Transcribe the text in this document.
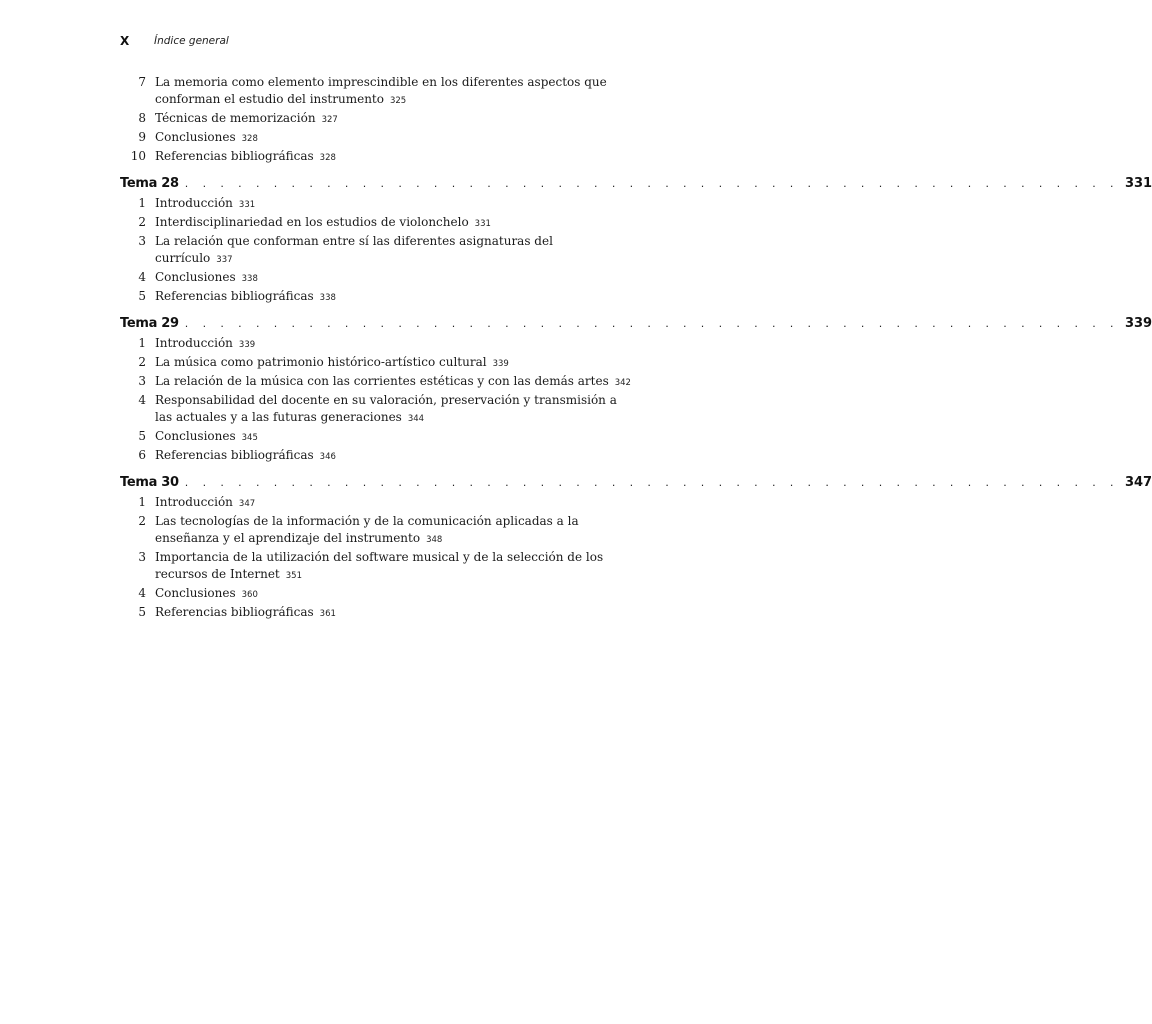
X	Índice general
7 La memoria como elemento imprescindible en los diferentes aspectos que conforman el estudio del instrumento 325
8 Técnicas de memorización 327
9 Conclusiones 328
10 Referencias bibliográficas 328
Tema 28 . . . . . . . . . . . . . . . . . . . . . . . . . . . . . . . . . . . . . . . . . . . . . . . . . . . . . 331
1 Introducción 331
2 Interdisciplinariedad en los estudios de violonchelo 331
3 La relación que conforman entre sí las diferentes asignaturas del currículo 337
4 Conclusiones 338
5 Referencias bibliográficas 338
Tema 29 . . . . . . . . . . . . . . . . . . . . . . . . . . . . . . . . . . . . . . . . . . . . . . . . . . . . . 339
1 Introducción 339
2 La música como patrimonio histórico-artístico cultural 339
3 La relación de la música con las corrientes estéticas y con las demás artes 342
4 Responsabilidad del docente en su valoración, preservación y transmisión a las actuales y a las futuras generaciones 344
5 Conclusiones 345
6 Referencias bibliográficas 346
Tema 30 . . . . . . . . . . . . . . . . . . . . . . . . . . . . . . . . . . . . . . . . . . . . . . . . . . . . . 347
1 Introducción 347
2 Las tecnologías de la información y de la comunicación aplicadas a la enseñanza y el aprendizaje del instrumento 348
3 Importancia de la utilización del software musical y de la selección de los recursos de Internet 351
4 Conclusiones 360
5 Referencias bibliográficas 361
